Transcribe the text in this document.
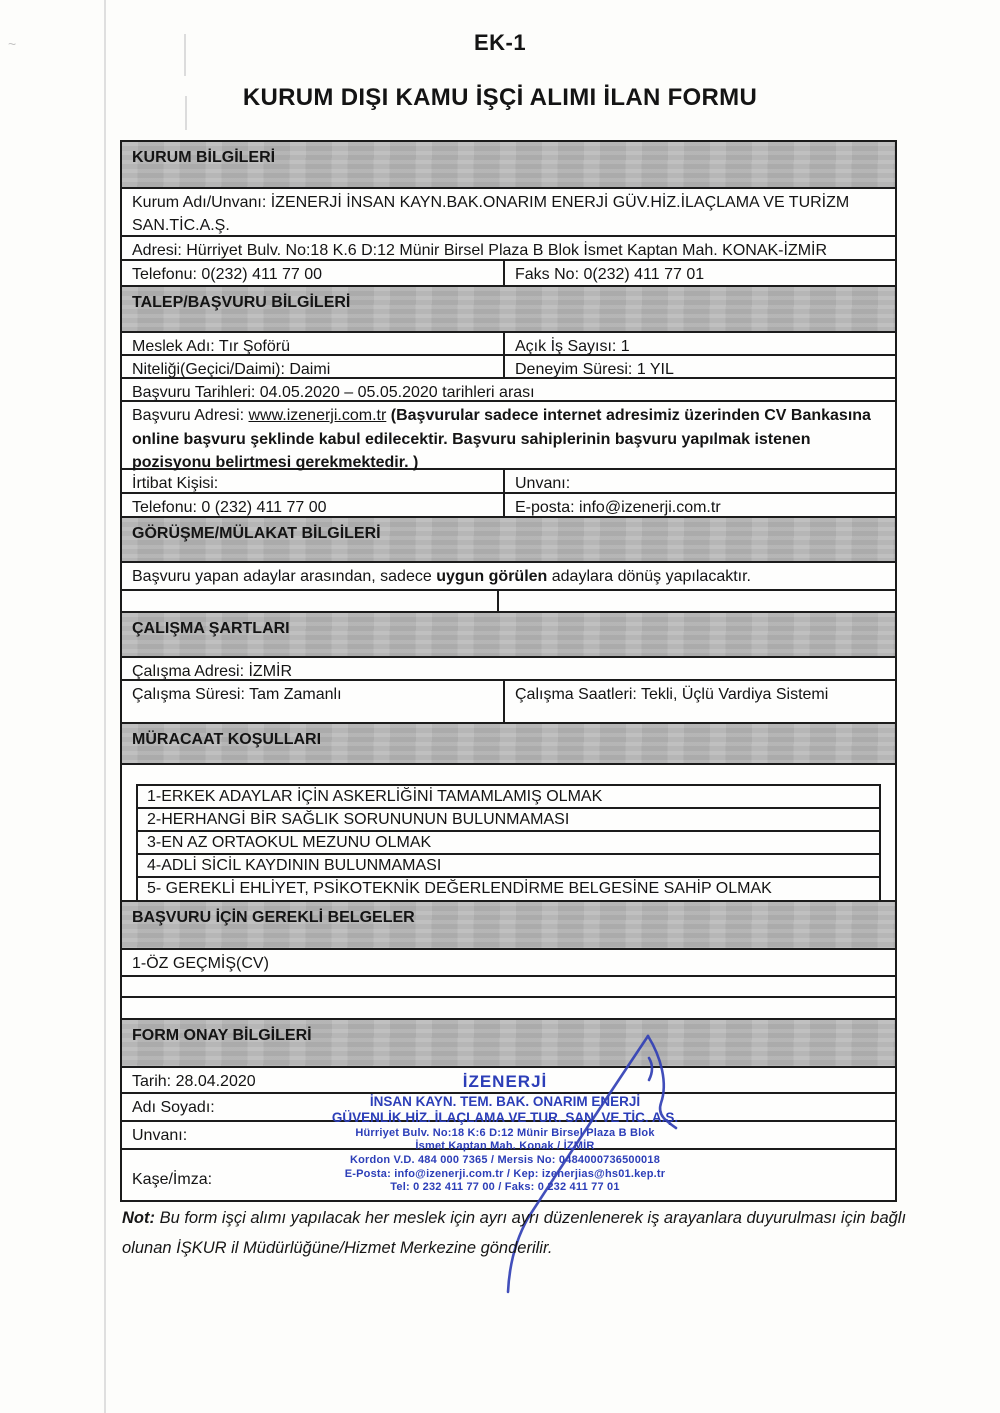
~	EK-1
KURUM DIŞI KAMU İŞÇİ ALIMI İLAN FORMU
KURUM BİLGİLERİ
Kurum Adı/Unvanı: İZENERJİ İNSAN KAYN.BAK.ONARIM ENERJİ GÜV.HİZ.İLAÇLAMA VE TURİZM SAN.TİC.A.Ş.
Adresi: Hürriyet Bulv. No:18 K.6 D:12 Münir Birsel Plaza B Blok İsmet Kaptan Mah. KONAK-İZMİR
Telefonu: 0(232) 411 77 00	Faks No: 0(232) 411 77 01
TALEP/BAŞVURU BİLGİLERİ
Meslek Adı: Tır Şoförü	Açık İş Sayısı: 1
Niteliği(Geçici/Daimi): Daimi	Deneyim Süresi: 1 YIL
Başvuru Tarihleri: 04.05.2020 – 05.05.2020 tarihleri arası
Başvuru Adresi: www.izenerji.com.tr (Başvurular sadece internet adresimiz üzerinden CV Bankasına online başvuru şeklinde kabul edilecektir. Başvuru sahiplerinin başvuru yapılmak istenen pozisyonu belirtmesi gerekmektedir. )
İrtibat Kişisi:	Unvanı:
Telefonu: 0 (232) 411 77 00	E-posta: info@izenerji.com.tr
GÖRÜŞME/MÜLAKAT BİLGİLERİ
Başvuru yapan adaylar arasından, sadece uygun görülen adaylara dönüş yapılacaktır.
ÇALIŞMA ŞARTLARI
Çalışma Adresi: İZMİR
Çalışma Süresi: Tam Zamanlı	Çalışma Saatleri: Tekli, Üçlü Vardiya Sistemi
MÜRACAAT KOŞULLARI
1-ERKEK ADAYLAR İÇİN ASKERLİĞİNİ TAMAMLAMIŞ OLMAK
2-HERHANGİ BİR SAĞLIK SORUNUNUN BULUNMAMASI
3-EN AZ ORTAOKUL MEZUNU OLMAK
4-ADLİ SİCİL KAYDININ BULUNMAMASI
5- GEREKLİ EHLİYET, PSİKOTEKNİK DEĞERLENDİRME BELGESİNE SAHİP OLMAK
BAŞVURU İÇİN GEREKLİ BELGELER
1-ÖZ GEÇMİŞ(CV)
FORM ONAY BİLGİLERİ
Tarih: 28.04.2020
Adı Soyadı:
Unvanı:
Kaşe/İmza:
İZENERJİ
İNSAN KAYN. TEM. BAK. ONARIM ENERJİ
GÜVENLİK HİZ. İLAÇLAMA VE TUR. SAN. VE TİC. A.Ş.
Hürriyet Bulv. No:18 K:6 D:12 Münir Birsel Plaza B Blok
İsmet Kaptan Mah. Konak / İZMİR
Kordon V.D. 484 000 7365 / Mersis No: 0484000736500018
E-Posta: info@izenerji.com.tr / Kep: izenerjias@hs01.kep.tr
Tel: 0 232 411 77 00 / Faks: 0 232 411 77 01
Not: Bu form işçi alımı yapılacak her meslek için ayrı ayrı düzenlenerek iş arayanlara duyurulması için bağlı olunan İŞKUR il Müdürlüğüne/Hizmet Merkezine gönderilir.
